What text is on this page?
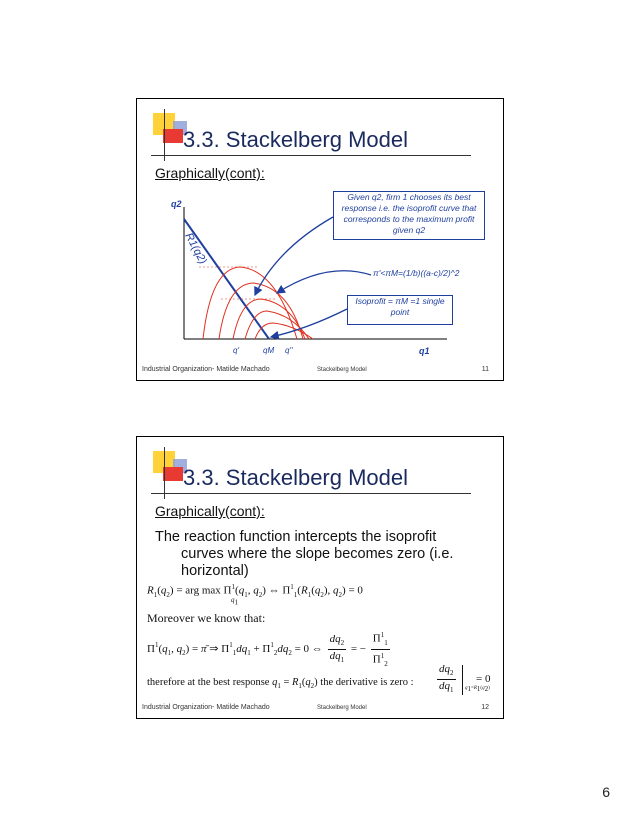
3.3. Stackelberg Model
Graphically(cont):
q2
q1
R1(q2)
q'	qM q''
Given q2, firm 1 chooses its best response i.e. the isoprofit curve that corresponds to the maximum profit given q2
π'<πM=(1/b)((a-c)/2)^2
Isoprofit = πM =1 single point
Industrial Organization- Matilde Machado	Stackelberg Model	11
3.3. Stackelberg Model
Graphically(cont):
The reaction function intercepts the isoprofit
curves where the slope becomes zero (i.e.
horizontal)
$R_1(q_2)$ = arg $\max \Pi^1(q_1$, $q_2$) ⇔ $\Pi^1_1(R_1(q_2)$, $q_2) = 0$
$q_1$
Moreover we know that:
$\Pi^1(q_1$, $q_2$) = π̄ ⇒ $\Pi^1_1dq_1 + \Pi^1_2dq_2 = 0$ ⇔ $\frac{dq_2}{dq_1}$ = − $\frac{\Pi^1_1}{\Pi^1_2}$
therefore at the best response $q_1 = R_1(q_2)$ the derivative is zero : $\frac{dq_2}{dq_1}$
$q_1=R_1(q_2)$
= 0
Industrial Organization- Matilde Machado	Stackelberg Model	12
6
